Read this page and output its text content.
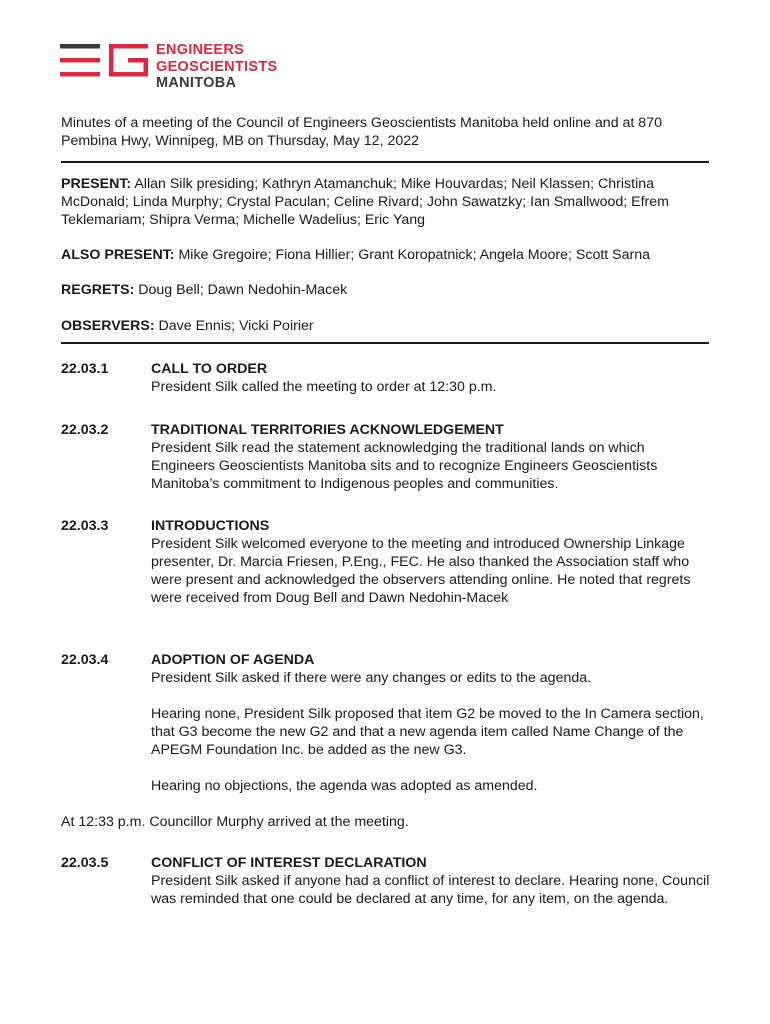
ENGINEERS
GEOSCIENTISTS
MANITOBA
Minutes of a meeting of the Council of Engineers Geoscientists Manitoba held online and at 870 Pembina Hwy, Winnipeg, MB on Thursday, May 12, 2022
PRESENT: Allan Silk presiding; Kathryn Atamanchuk; Mike Houvardas; Neil Klassen; Christina McDonald; Linda Murphy; Crystal Paculan; Celine Rivard; John Sawatzky; Ian Smallwood; Efrem Teklemariam; Shipra Verma; Michelle Wadelius; Eric Yang
ALSO PRESENT: Mike Gregoire; Fiona Hillier; Grant Koropatnick; Angela Moore; Scott Sarna
REGRETS: Doug Bell; Dawn Nedohin-Macek
OBSERVERS: Dave Ennis; Vicki Poirier
22.03.1	CALL TO ORDER

President Silk called the meeting to order at 12:30 p.m.

22.03.2	TRADITIONAL TERRITORIES ACKNOWLEDGEMENT

President Silk read the statement acknowledging the traditional lands on which Engineers Geoscientists Manitoba sits and to recognize Engineers Geoscientists Manitoba’s commitment to Indigenous peoples and communities.

22.03.3	INTRODUCTIONS

President Silk welcomed everyone to the meeting and introduced Ownership Linkage presenter, Dr. Marcia Friesen, P.Eng., FEC. He also thanked the Association staff who were present and acknowledged the observers attending online. He noted that regrets were received from Doug Bell and Dawn Nedohin-Macek

22.03.4	ADOPTION OF AGENDA

President Silk asked if there were any changes or edits to the agenda.

Hearing none, President Silk proposed that item G2 be moved to the In Camera section, that G3 become the new G2 and that a new agenda item called Name Change of the APEGM Foundation Inc. be added as the new G3.

Hearing no objections, the agenda was adopted as amended.

At 12:33 p.m. Councillor Murphy arrived at the meeting.
22.03.5	CONFLICT OF INTEREST DECLARATION

President Silk asked if anyone had a conflict of interest to declare. Hearing none, Council was reminded that one could be declared at any time, for any item, on the agenda.
